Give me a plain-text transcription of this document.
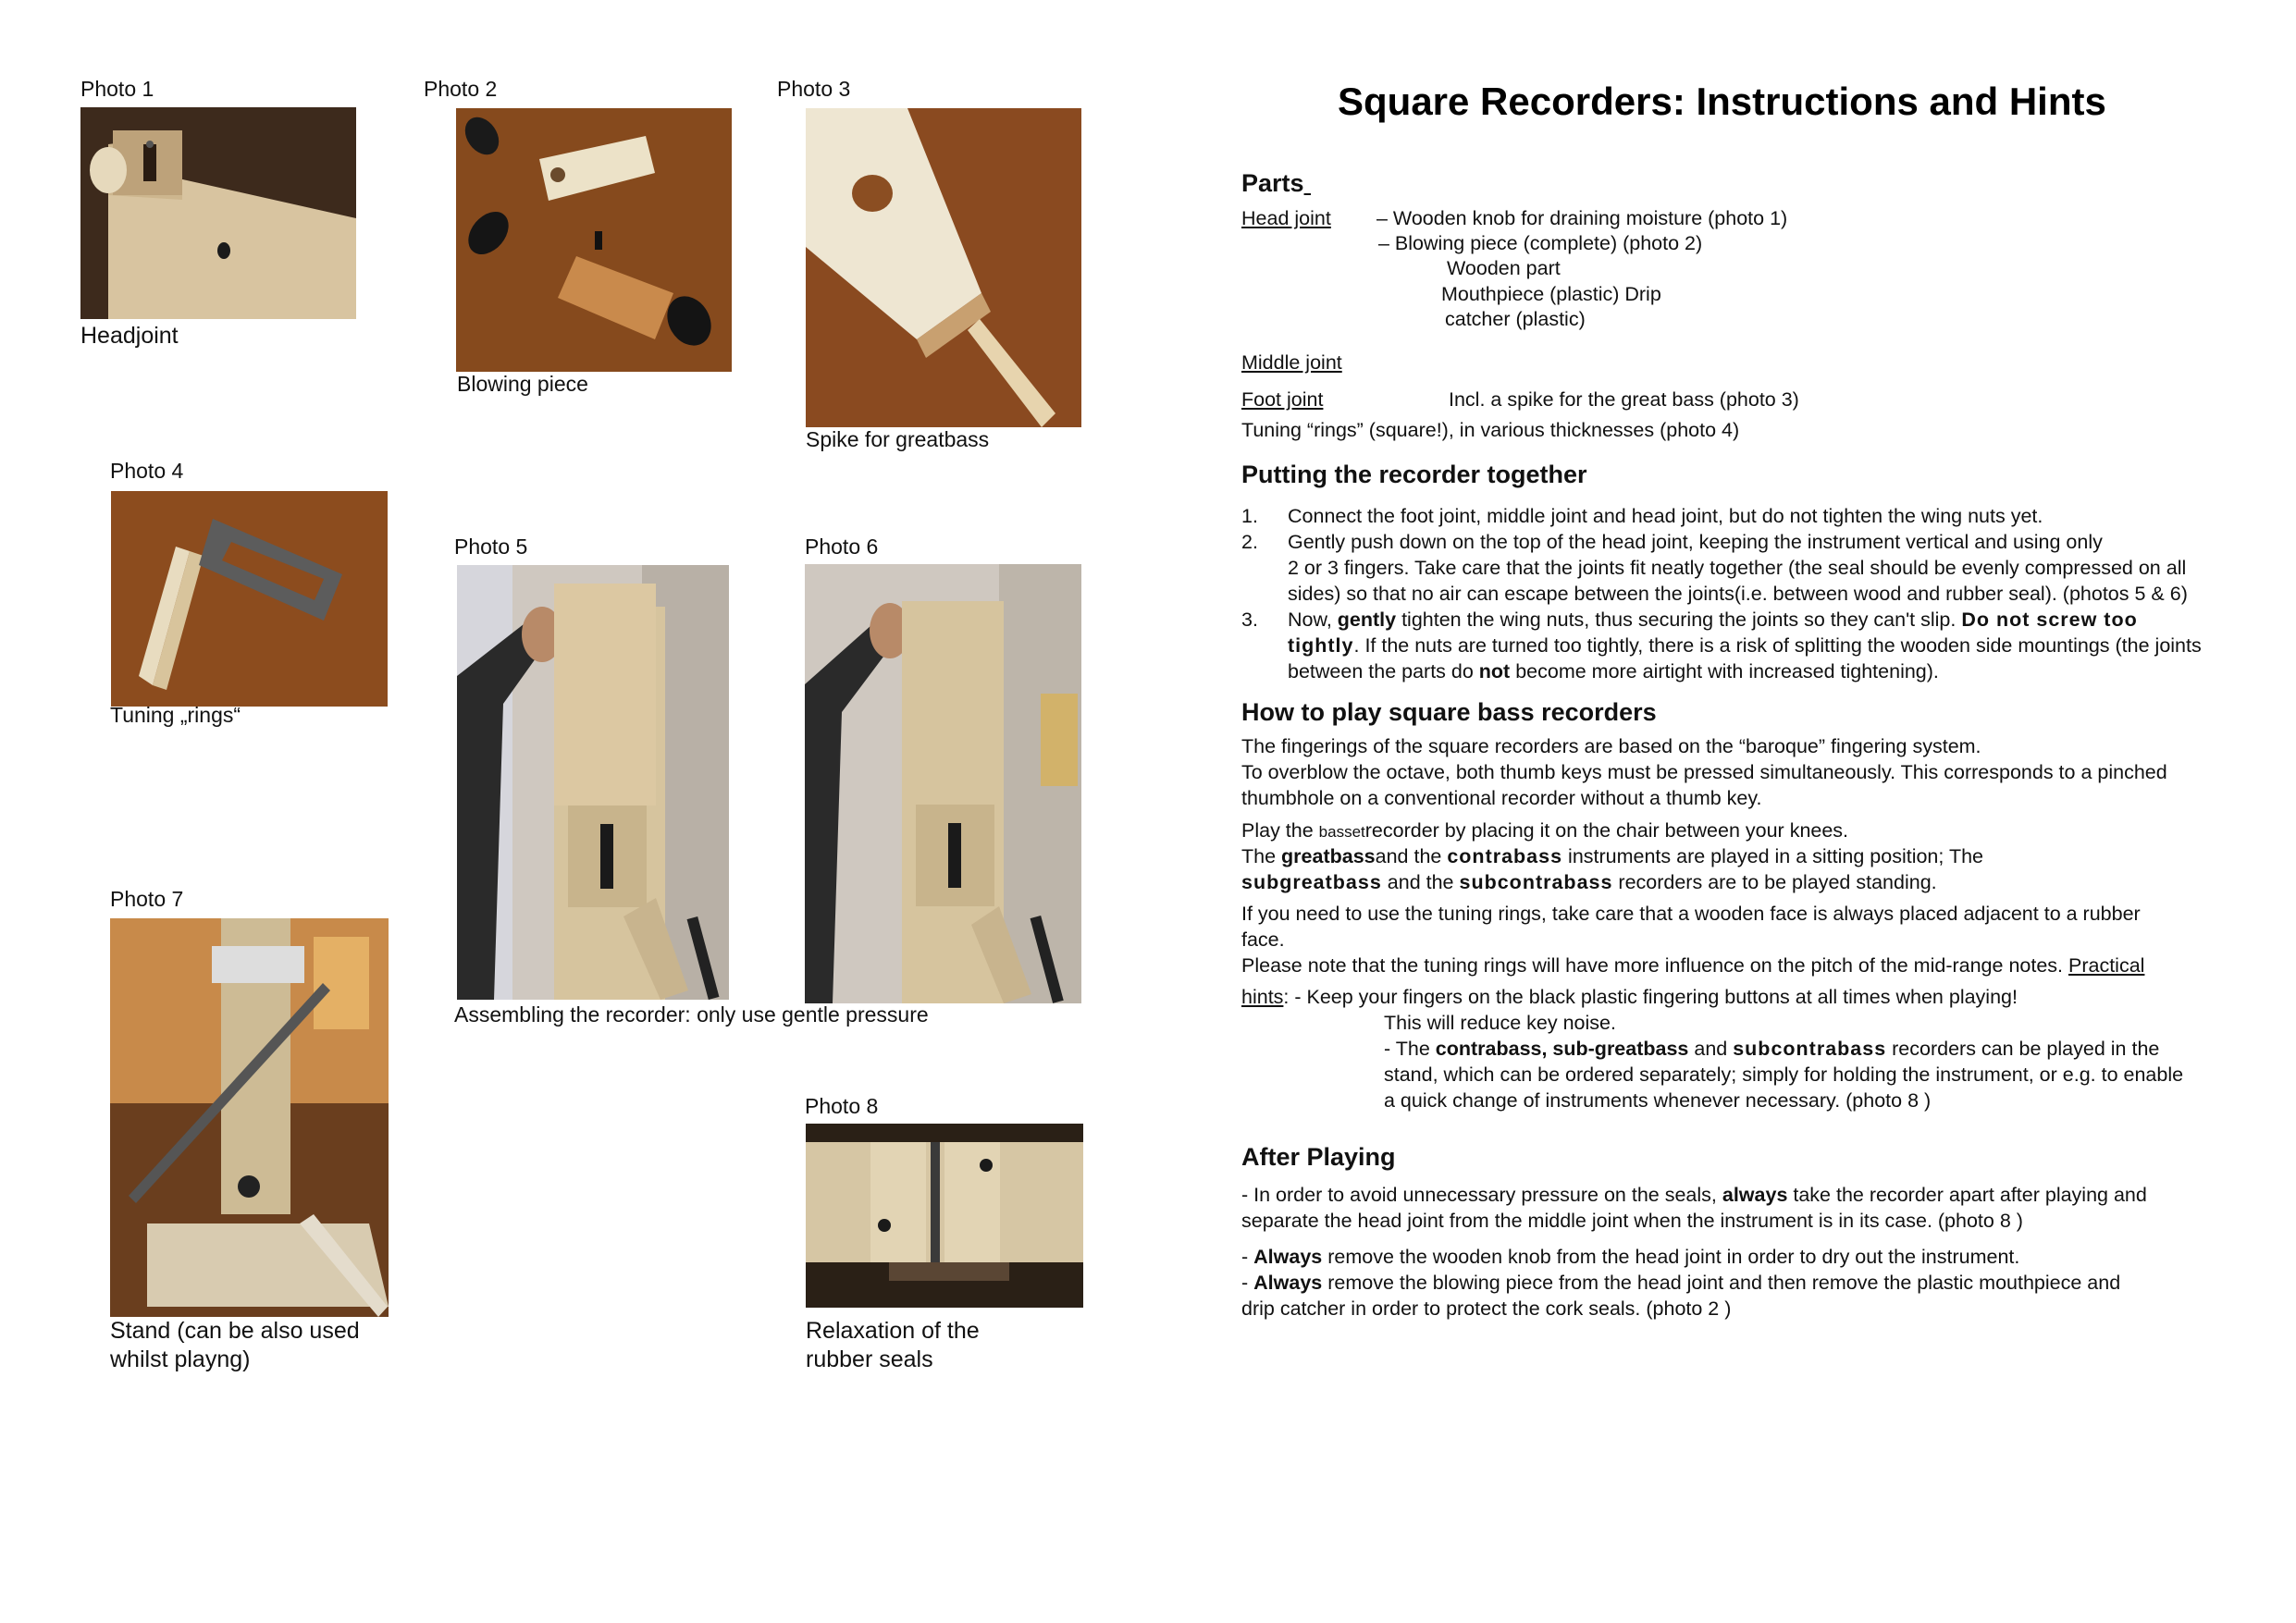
Photo 1
Headjoint
Photo 2
Blowing piece
Photo 3
Spike for greatbass
Photo 4
Tuning „rings“
Photo 5	Photo 6
Assembling the recorder: only use gentle pressure
Photo 7
Stand (can be also used
whilst playng)
Photo 8
Relaxation of the
rubber seals
Square Recorders: Instructions and Hints
Parts
Head joint – Wooden knob for draining moisture (photo 1)
– Blowing piece (complete) (photo 2)
Wooden part
Mouthpiece (plastic) Drip
catcher (plastic)
Middle joint
Foot joint	Incl. a spike for the great bass (photo 3)
Tuning “rings” (square!), in various thicknesses (photo 4)
Putting the recorder together
1. Connect the foot joint, middle joint and head joint, but do not tighten the wing nuts yet.
2. Gently push down on the top of the head joint, keeping the instrument vertical and using only
2 or 3 fingers. Take care that the joints fit neatly together (the seal should be evenly compressed on all
sides) so that no air can escape between the joints(i.e. between wood and rubber seal). (photos 5 & 6)
3. Now, gently tighten the wing nuts, thus securing the joints so they can't slip. Do not screw too
tightly. If the nuts are turned too tightly, there is a risk of splitting the wooden side mountings (the joints
between the parts do not become more airtight with increased tightening).
How to play square bass recorders
The fingerings of the square recorders are based on the “baroque” fingering system.
To overblow the octave, both thumb keys must be pressed simultaneously. This corresponds to a pinched
thumbhole on a conventional recorder without a thumb key.
Play the bassetrecorder by placing it on the chair between your knees.
The greatbassand the contrabass instruments are played in a sitting position; The
subgreatbass and the subcontrabass recorders are to be played standing.
If you need to use the tuning rings, take care that a wooden face is always placed adjacent to a rubber
face.
Please note that the tuning rings will have more influence on the pitch of the mid-range notes. Practical
hints: - Keep your fingers on the black plastic fingering buttons at all times when playing!
This will reduce key noise.
- The contrabass, sub-greatbass and subcontrabass recorders can be played in the
stand, which can be ordered separately; simply for holding the instrument, or e.g. to enable
a quick change of instruments whenever necessary. (photo 8 )
After Playing
- In order to avoid unnecessary pressure on the seals, always take the recorder apart after playing and
separate the head joint from the middle joint when the instrument is in its case. (photo 8 )
- Always remove the wooden knob from the head joint in order to dry out the instrument.
- Always remove the blowing piece from the head joint and then remove the plastic mouthpiece and
drip catcher in order to protect the cork seals. (photo 2 )
